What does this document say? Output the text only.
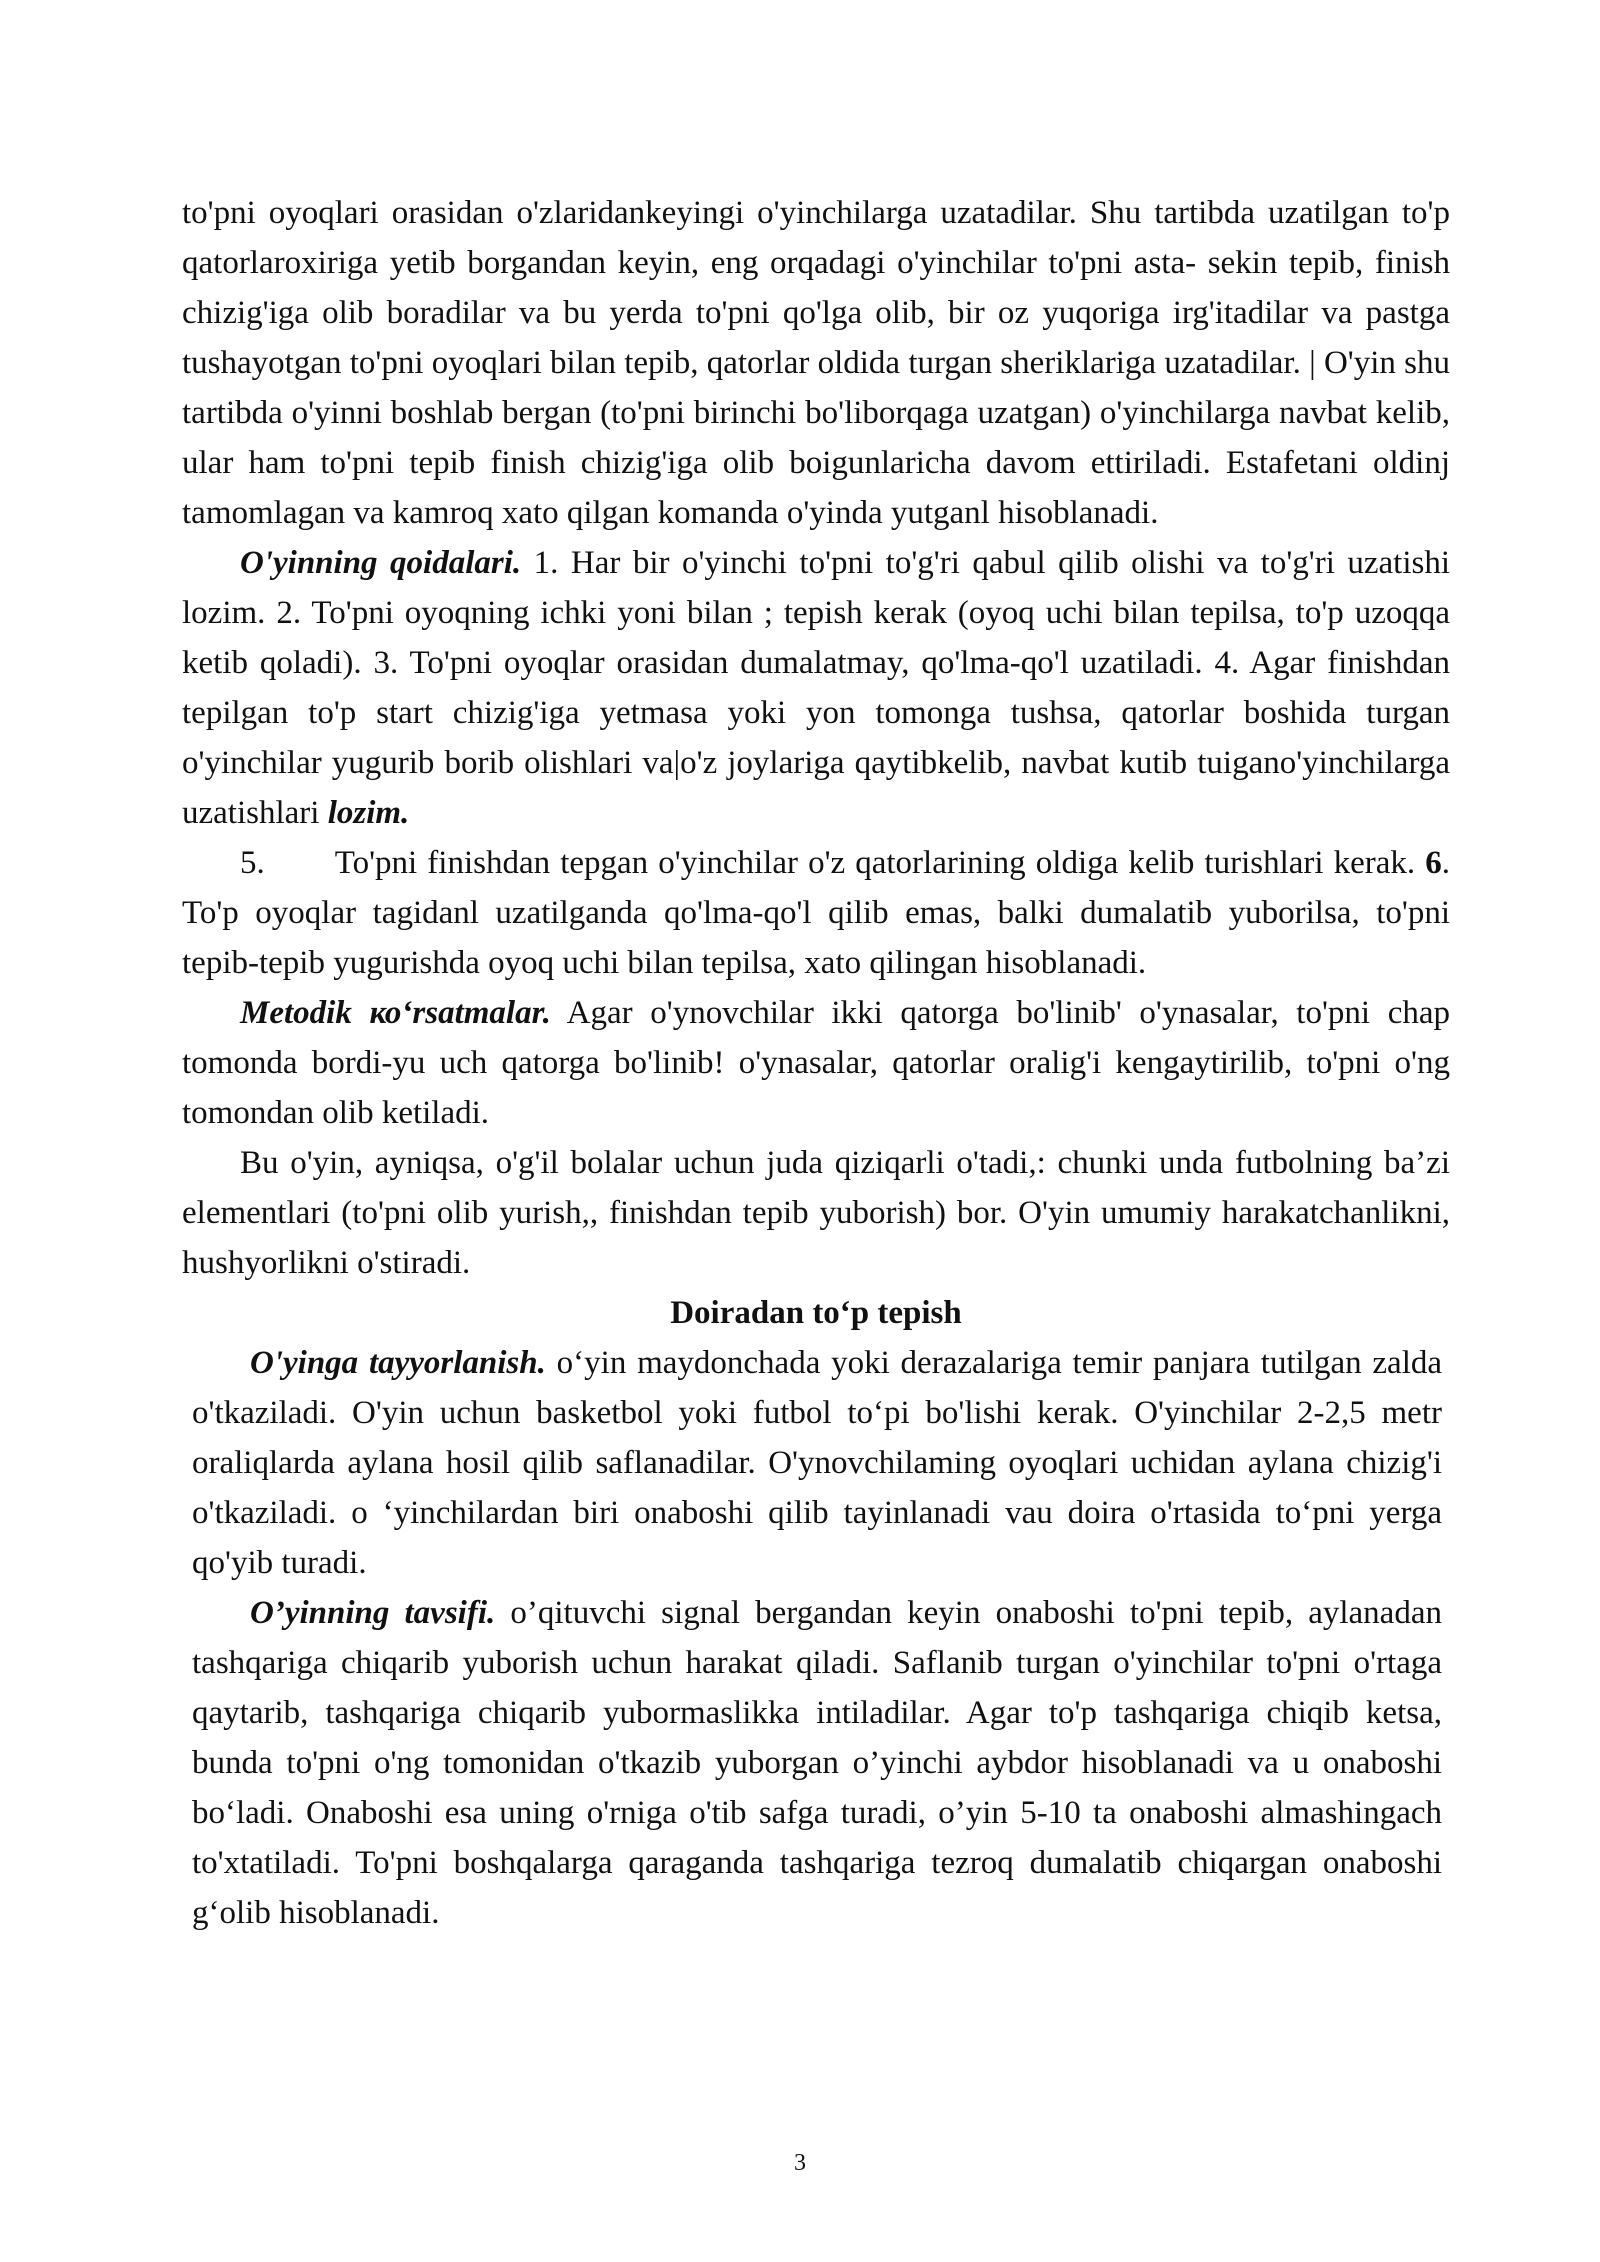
to'pni oyoqlari orasidan o'zlaridankeyingi o'yinchilarga uzatadilar. Shu tartibda uzatilgan to'p qatorlaroxiriga yetib borgandan keyin, eng orqadagi o'yinchilar to'pni asta- sekin tepib, finish chizig'iga olib boradilar va bu yerda to'pni qo'lga olib, bir oz yuqoriga irg'itadilar va pastga tushayotgan to'pni oyoqlari bilan tepib, qatorlar oldida turgan sheriklariga uzatadilar. | O'yin shu tartibda o'yinni boshlab bergan (to'pni birinchi bo'liborqaga uzatgan) o'yinchilarga navbat kelib, ular ham to'pni tepib finish chizig'iga olib boigunlaricha davom ettiriladi. Estafetani oldinj tamomlagan va kamroq xato qilgan komanda o'yinda yutganl hisoblanadi.

O'yinning qoidalari. 1. Har bir o'yinchi to'pni to'g'ri qabul qilib olishi va to'g'ri uzatishi lozim. 2. To'pni oyoqning ichki yoni bilan ; tepish kerak (oyoq uchi bilan tepilsa, to'p uzoqqa ketib qoladi). 3. To'pni oyoqlar orasidan dumalatmay, qo'lma-qo'l uzatiladi. 4. Agar finishdan tepilgan to'p start chizig'iga yetmasa yoki yon tomonga tushsa, qatorlar boshida turgan o'yinchilar yugurib borib olishlari va|o'z joylariga qaytibkelib, navbat kutib tuiganо'yinchilarga uzatishlari lozim.

5. To'pni finishdan tepgan o'yinchilar o'z qatorlarining oldiga kelib turishlari kerak. 6. To'p oyoqlar tagidanl uzatilganda qo'lma-qo'l qilib emas, balki dumalatib yuborilsa, to'pni tepib-tepib yugurishda oyoq uchi bilan tepilsa, xato qilingan hisoblanadi.

Metodik ко‘rsatmalar. Agar o'ynovchilar ikki qatorga bo'linib' o'ynasalar, to'pni chap tomonda bordi-yu uch qatorga bo'linib! o'ynasalar, qatorlar oralig'i kengaytirilib, to'pni o'ng tomondan olib ketiladi.

Bu o'yin, ayniqsa, o'g'il bolalar uchun juda qiziqarli o'tadi,: chunki unda futbolning ba’zi elementlari (to'pni olib yurish,, finishdan tepib yuborish) bor. O'yin umumiy harakatchanlikni, hushyorlikni o'stiradi.

Doiradan to‘p tepish

O'yinga tayyorlanish. o‘yin maydonchada yoki derazalariga temir panjara tutilgan zalda o'tkaziladi. O'yin uchun basketbol yoki futbol to‘pi bo'lishi kerak. O'yinchilar 2-2,5 metr oraliqlarda aylana hosil qilib saflanadilar. O'ynovchilaming oyoqlari uchidan aylana chizig'i o'tkaziladi. o ‘yinchilardan biri onaboshi qilib tayinlanadi vau doira o'rtasida to‘pni yerga qo'yib turadi.

O’yinning tavsifi. o’qituvchi signal bergandan keyin onaboshi to'pni tepib, aylanadan tashqariga chiqarib yuborish uchun harakat qiladi. Saflanib turgan o'yinchilar to'pni o'rtaga qaytarib, tashqariga chiqarib yubormaslikka intiladilar. Agar to'p tashqariga chiqib ketsa, bunda to'pni o'ng tomonidan o'tkazib yuborgan o’yinchi aybdor hisoblanadi va u onaboshi bo‘ladi. Onaboshi esa uning o'rniga o'tib safga turadi, o’yin 5-10 ta onaboshi almashingach to'xtatiladi. To'pni boshqalarga qaraganda tashqariga tezroq dumalatib chiqargan onaboshi g‘olib hisoblanadi.

3
